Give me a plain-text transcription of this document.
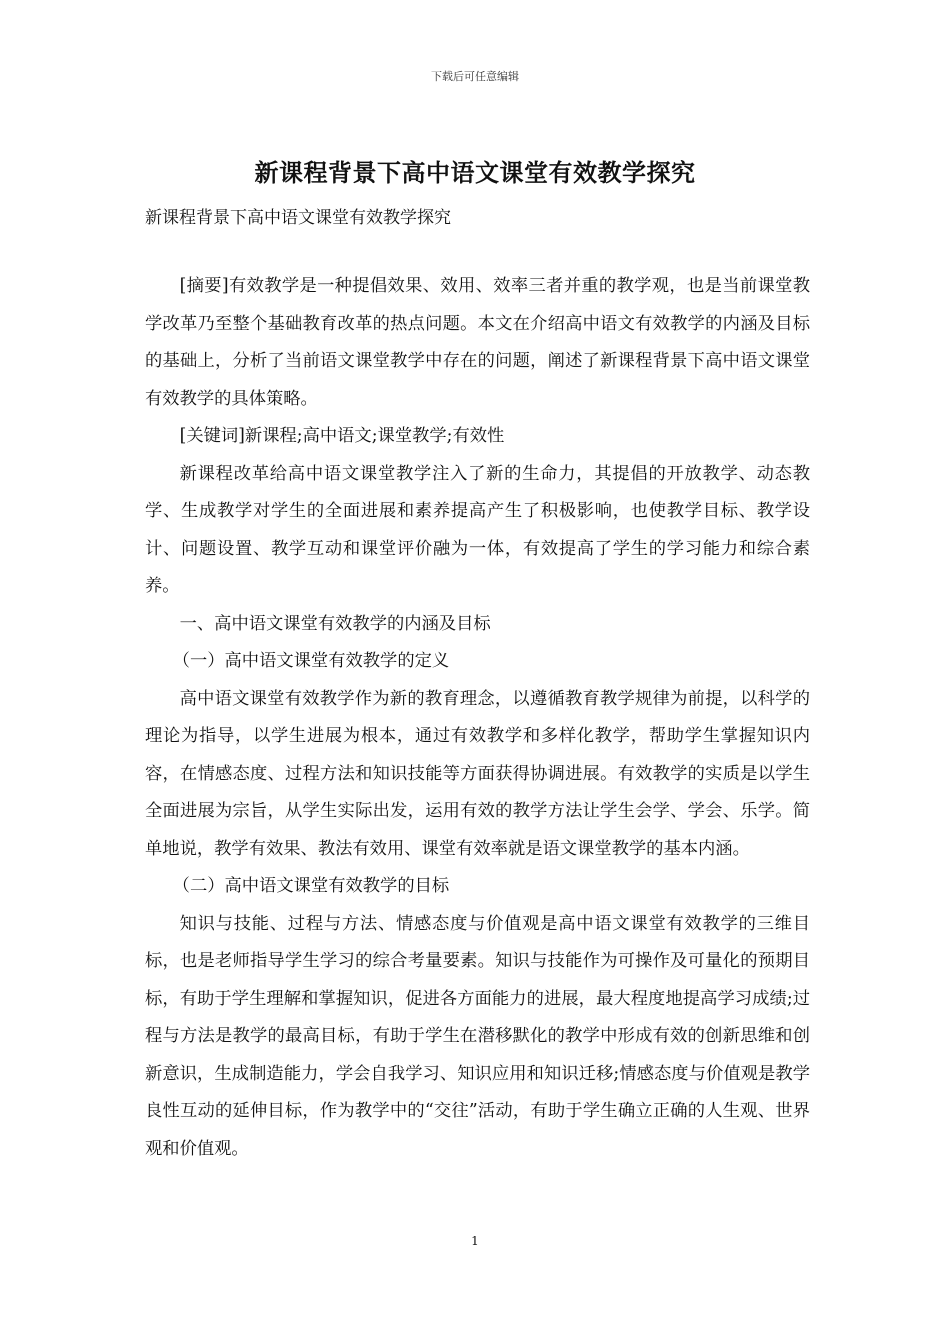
下载后可任意编辑
新课程背景下高中语文课堂有效教学探究
新课程背景下高中语文课堂有效教学探究

[摘要]有效教学是一种提倡效果、效用、效率三者并重的教学观，也是当前课堂教学改革乃至整个基础教育改革的热点问题。本文在介绍高中语文有效教学的内涵及目标的基础上，分析了当前语文课堂教学中存在的问题，阐述了新课程背景下高中语文课堂有效教学的具体策略。

[关键词]新课程;高中语文;课堂教学;有效性

新课程改革给高中语文课堂教学注入了新的生命力，其提倡的开放教学、动态教学、生成教学对学生的全面进展和素养提高产生了积极影响，也使教学目标、教学设计、问题设置、教学互动和课堂评价融为一体，有效提高了学生的学习能力和综合素养。

一、高中语文课堂有效教学的内涵及目标

（一）高中语文课堂有效教学的定义

高中语文课堂有效教学作为新的教育理念，以遵循教育教学规律为前提，以科学的理论为指导，以学生进展为根本，通过有效教学和多样化教学，帮助学生掌握知识内容，在情感态度、过程方法和知识技能等方面获得协调进展。有效教学的实质是以学生全面进展为宗旨，从学生实际出发，运用有效的教学方法让学生会学、学会、乐学。简单地说，教学有效果、教法有效用、课堂有效率就是语文课堂教学的基本内涵。

（二）高中语文课堂有效教学的目标

知识与技能、过程与方法、情感态度与价值观是高中语文课堂有效教学的三维目标，也是老师指导学生学习的综合考量要素。知识与技能作为可操作及可量化的预期目标，有助于学生理解和掌握知识，促进各方面能力的进展，最大程度地提高学习成绩;过程与方法是教学的最高目标，有助于学生在潜移默化的教学中形成有效的创新思维和创新意识，生成制造能力，学会自我学习、知识应用和知识迁移;情感态度与价值观是教学良性互动的延伸目标，作为教学中的“交往”活动，有助于学生确立正确的人生观、世界观和价值观。

1
